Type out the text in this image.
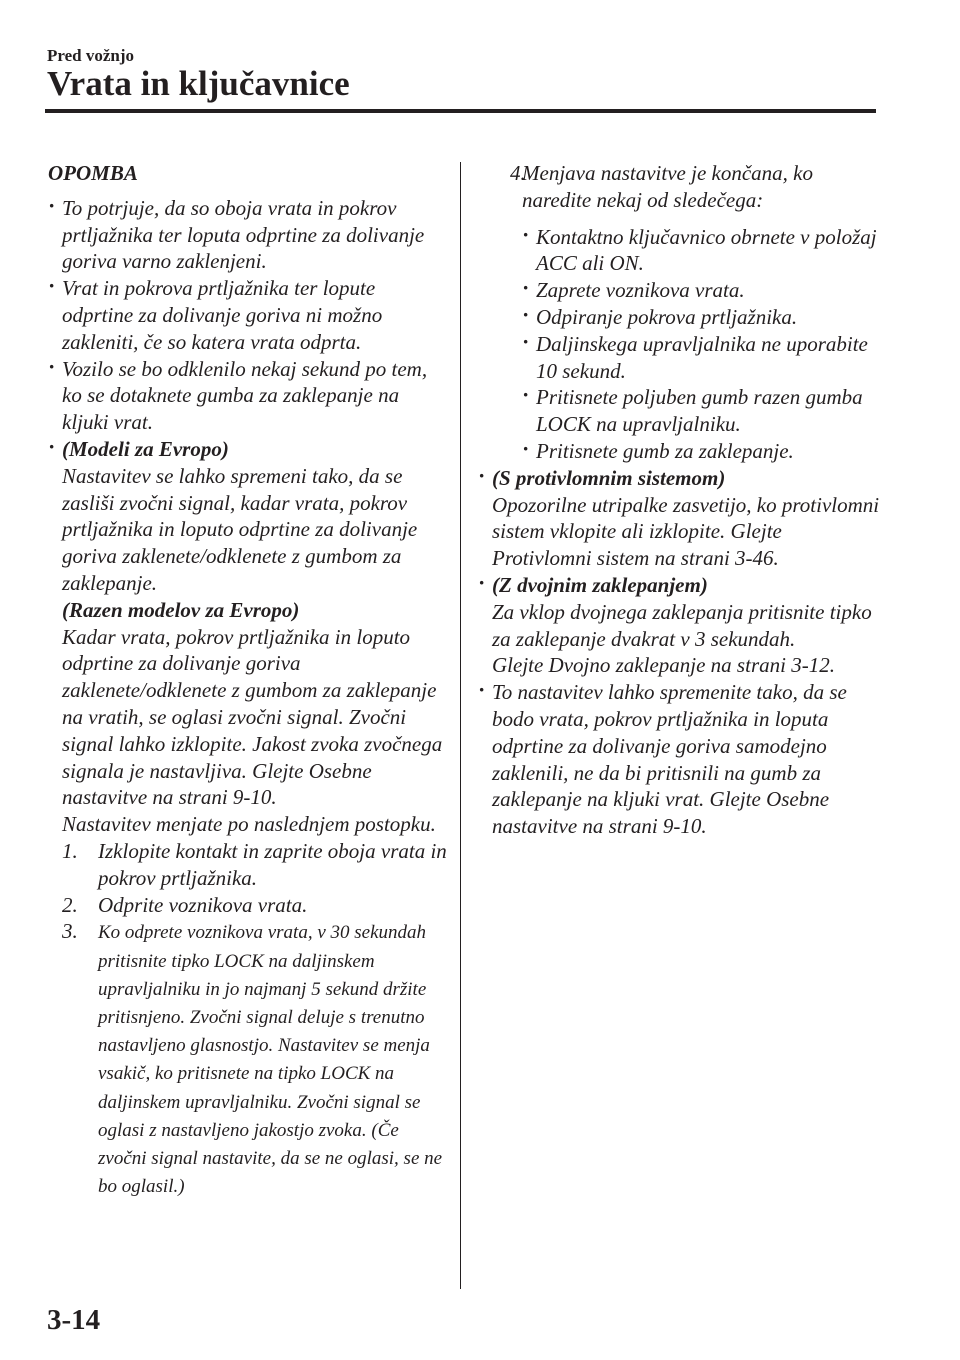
Pred vožnjo
Vrata in ključavnice
OPOMBA
· To potrjuje, da so oboja vrata in pokrov prtljažnika ter loputa odprtine za dolivanje goriva varno zaklenjeni.
· Vrat in pokrova prtljažnika ter lopute odprtine za dolivanje goriva ni možno zakleniti, če so katera vrata odprta.
· Vozilo se bo odklenilo nekaj sekund po tem, ko se dotaknete gumba za zaklepanje na kljuki vrat.
· (Modeli za Evropo)
Nastavitev se lahko spremeni tako, da se zasliši zvočni signal, kadar vrata, pokrov prtljažnika in loputo odprtine za dolivanje goriva zaklenete/odklenete z gumbom za zaklepanje.
(Razen modelov za Evropo)
Kadar vrata, pokrov prtljažnika in loputo odprtine za dolivanje goriva zaklenete/odklenete z gumbom za zaklepanje na vratih, se oglasi zvočni signal. Zvočni signal lahko izklopite. Jakost zvoka zvočnega signala je nastavljiva. Glejte Osebne nastavitve na strani 9-10.
Nastavitev menjate po naslednjem postopku.
1. Izklopite kontakt in zaprite oboja vrata in pokrov prtljažnika.
2. Odprite voznikova vrata.
3. Ko odprete voznikova vrata, v 30 sekundah pritisnite tipko LOCK na daljinskem upravljalniku in jo najmanj 5 sekund držite pritisnjeno. Zvočni signal deluje s trenutno nastavljeno glasnostjo. Nastavitev se menja vsakič, ko pritisnete na tipko LOCK na daljinskem upravljalniku. Zvočni signal se oglasi z nastavljeno jakostjo zvoka. (Če zvočni signal nastavite, da se ne oglasi, se ne bo oglasil.)
4.
Menjava nastavitve je končana, ko naredite nekaj od sledečega:
· Kontaktno ključavnico obrnete v položaj ACC ali ON.
· Zaprete voznikova vrata.
· Odpiranje pokrova prtljažnika.
· Daljinskega upravljalnika ne uporabite 10 sekund.
· Pritisnete poljuben gumb razen gumba LOCK na upravljalniku.
· Pritisnete gumb za zaklepanje.
· (S protivlomnim sistemom)
Opozorilne utripalke zasvetijo, ko protivlomni sistem vklopite ali izklopite. Glejte Protivlomni sistem na strani 3-46.
· (Z dvojnim zaklepanjem)
Za vklop dvojnega zaklepanja pritisnite tipko za zaklepanje dvakrat v 3 sekundah.
Glejte Dvojno zaklepanje na strani 3-12.
· To nastavitev lahko spremenite tako, da se bodo vrata, pokrov prtljažnika in loputa odprtine za dolivanje goriva samodejno zaklenili, ne da bi pritisnili na gumb za zaklepanje na kljuki vrat. Glejte Osebne nastavitve na strani 9-10.
3-14
